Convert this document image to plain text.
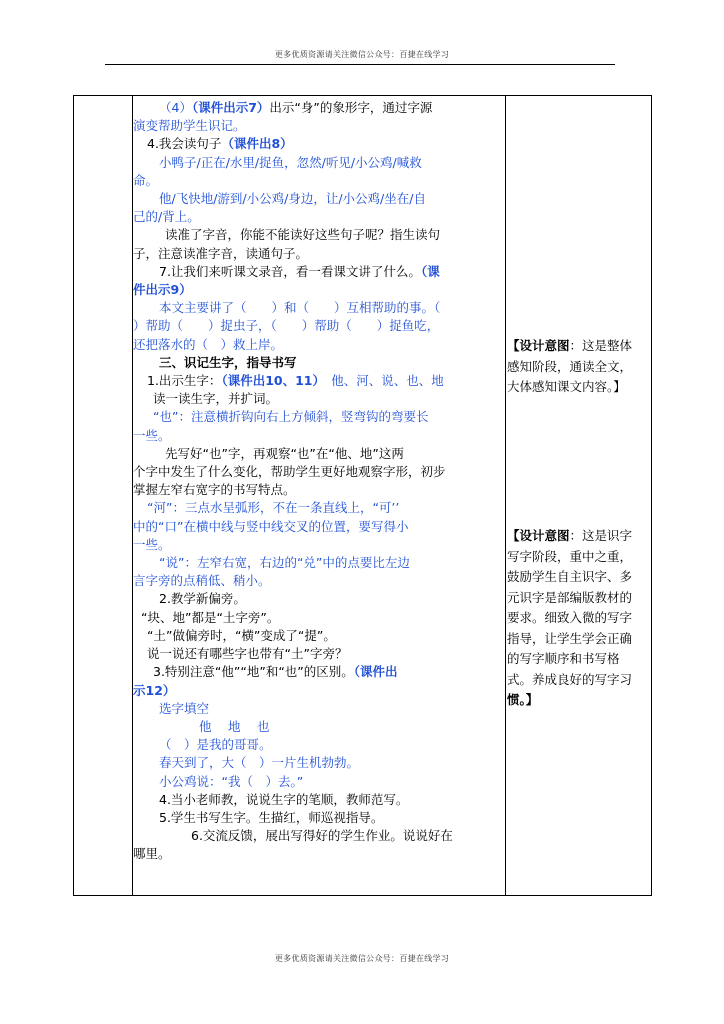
更多优质资源请关注微信公众号：百捷在线学习
（4）（课件出示7）出示“身”的象形字，通过字源
演变帮助学生识记。
4.我会读句子（课件出8）
小鸭子/正在/水里/捉鱼，忽然/听见/小公鸡/喊救
命。
他/飞快地/游到/小公鸡/身边，让/小公鸡/坐在/自
己的/背上。
读准了字音，你能不能读好这些句子呢？指生读句
子，注意读准字音，读通句子。
7.让我们来听课文录音，看一看课文讲了什么。（课
件出示9）
本文主要讲了（　　）和（　　）互相帮助的事。（
）帮助（　　）捉虫子，（　　）帮助（　　）捉鱼吃，
还把落水的（　）救上岸。
三、识记生字，指导书写
1.出示生字：（课件出10、11）　他、河、说、也、地
读一读生字，并扩词。
“也”：注意横折钩向右上方倾斜，竖弯钩的弯要长
一些。
先写好“也”字，再观察“也”在“他、地”这两
个字中发生了什么变化，帮助学生更好地观察字形，初步
掌握左窄右宽字的书写特点。
“河”：三点水呈弧形，不在一条直线上，“可’’
中的“口”在横中线与竖中线交叉的位置，要写得小
一些。
“说”：左窄右宽，右边的“兑”中的点要比左边
言字旁的点稍低、稍小。
2.教学新偏旁。
“块、地”都是“土字旁”。
“土”做偏旁时，“横”变成了“提”。
说一说还有哪些字也带有“土”字旁？
3.特别注意“他”“地”和“也”的区别。（课件出
示12）
选字填空
他　 地　 也
（　）是我的哥哥。
春天到了，大（　）一片生机勃勃。
小公鸡说：“我（　）去。”
4.当小老师教，说说生字的笔顺，教师范写。
5.学生书写生字。生描红，师巡视指导。
6.交流反馈，展出写得好的学生作业。说说好在
哪里。
【设计意图：这是整体
感知阶段，通读全文，
大体感知课文内容。】
【设计意图：这是识字
写字阶段，重中之重，
鼓励学生自主识字、多
元识字是部编版教材的
要求。细致入微的写字
指导，让学生学会正确
的写字顺序和书写格
式。养成良好的写字习
惯。】
更多优质资源请关注微信公众号：百捷在线学习
